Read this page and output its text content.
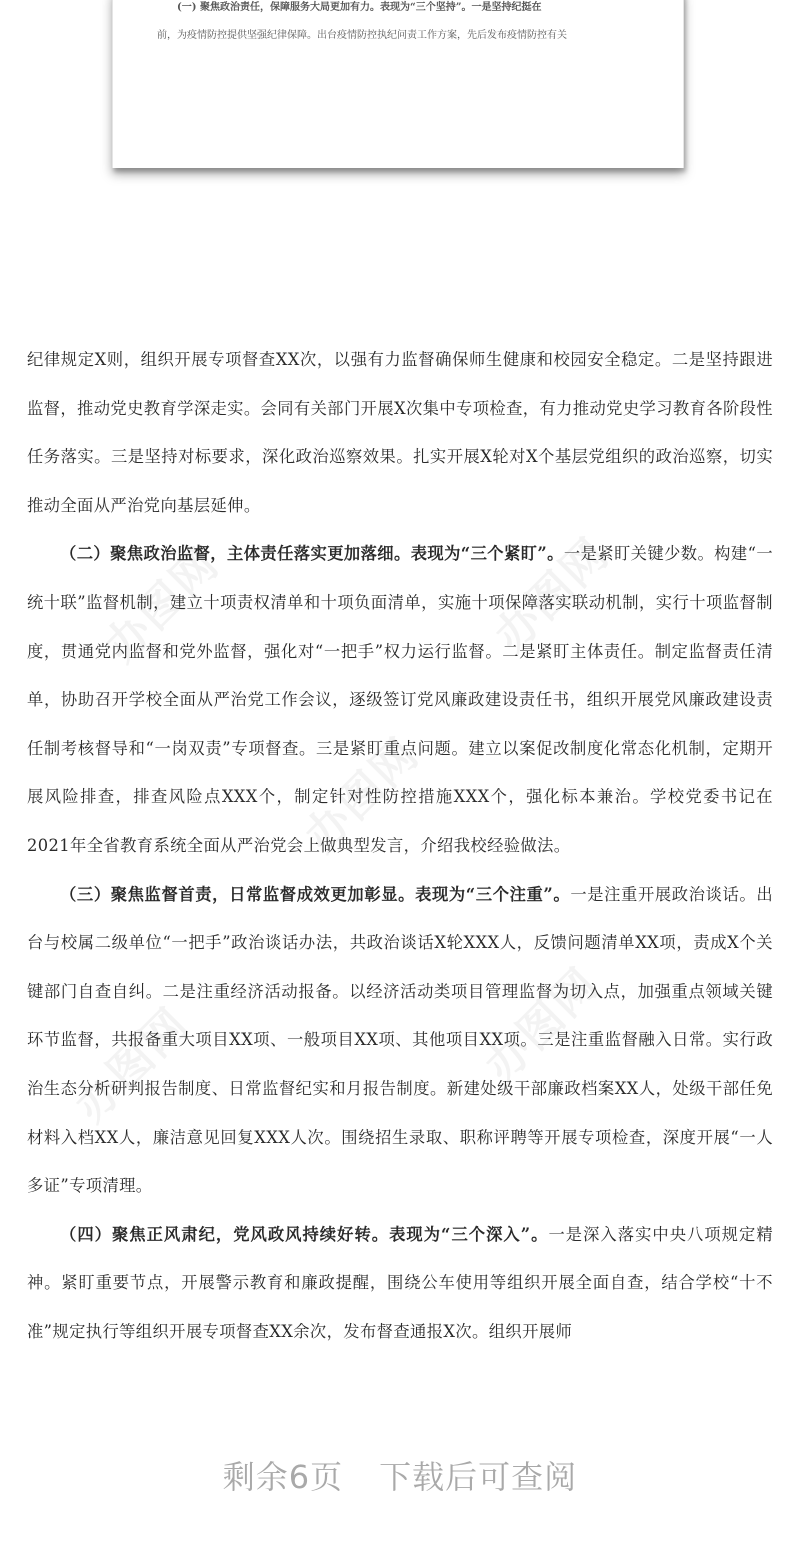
(一) 聚焦政治责任，保障服务大局更加有力。表现为“三个坚持”。一是坚持纪挺在
前，为疫情防控提供坚强纪律保障。出台疫情防控执纪问责工作方案，先后发布疫情防控有关
办图网	办图网
办图网
办图网	办图网

纪律规定X则，组织开展专项督查XX次，以强有力监督确保师生健康和校园安全稳定。二是坚持跟进监督，推动党史教育学深走实。会同有关部门开展X次集中专项检查，有力推动党史学习教育各阶段性任务落实。三是坚持对标要求，深化政治巡察效果。扎实开展X轮对X个基层党组织的政治巡察，切实推动全面从严治党向基层延伸。

（二）聚焦政治监督，主体责任落实更加落细。表现为“三个紧盯”。一是紧盯关键少数。构建“一统十联”监督机制，建立十项责权清单和十项负面清单，实施十项保障落实联动机制，实行十项监督制度，贯通党内监督和党外监督，强化对“一把手”权力运行监督。二是紧盯主体责任。制定监督责任清单，协助召开学校全面从严治党工作会议，逐级签订党风廉政建设责任书，组织开展党风廉政建设责任制考核督导和“一岗双责”专项督查。三是紧盯重点问题。建立以案促改制度化常态化机制，定期开展风险排查，排查风险点XXX个，制定针对性防控措施XXX个，强化标本兼治。学校党委书记在2021年全省教育系统全面从严治党会上做典型发言，介绍我校经验做法。

（三）聚焦监督首责，日常监督成效更加彰显。表现为“三个注重”。一是注重开展政治谈话。出台与校属二级单位“一把手”政治谈话办法，共政治谈话X轮XXX人，反馈问题清单XX项，责成X个关键部门自查自纠。二是注重经济活动报备。以经济活动类项目管理监督为切入点，加强重点领域关键环节监督，共报备重大项目XX项、一般项目XX项、其他项目XX项。三是注重监督融入日常。实行政治生态分析研判报告制度、日常监督纪实和月报告制度。新建处级干部廉政档案XX人，处级干部任免材料入档XX人，廉洁意见回复XXX人次。围绕招生录取、职称评聘等开展专项检查，深度开展“一人多证”专项清理。

（四）聚焦正风肃纪，党风政风持续好转。表现为“三个深入”。一是深入落实中央八项规定精神。紧盯重要节点，开展警示教育和廉政提醒，围绕公车使用等组织开展全面自查，结合学校“十不准”规定执行等组织开展专项督查XX余次，发布督查通报X次。组织开展师

剩余6页 下载后可查阅
